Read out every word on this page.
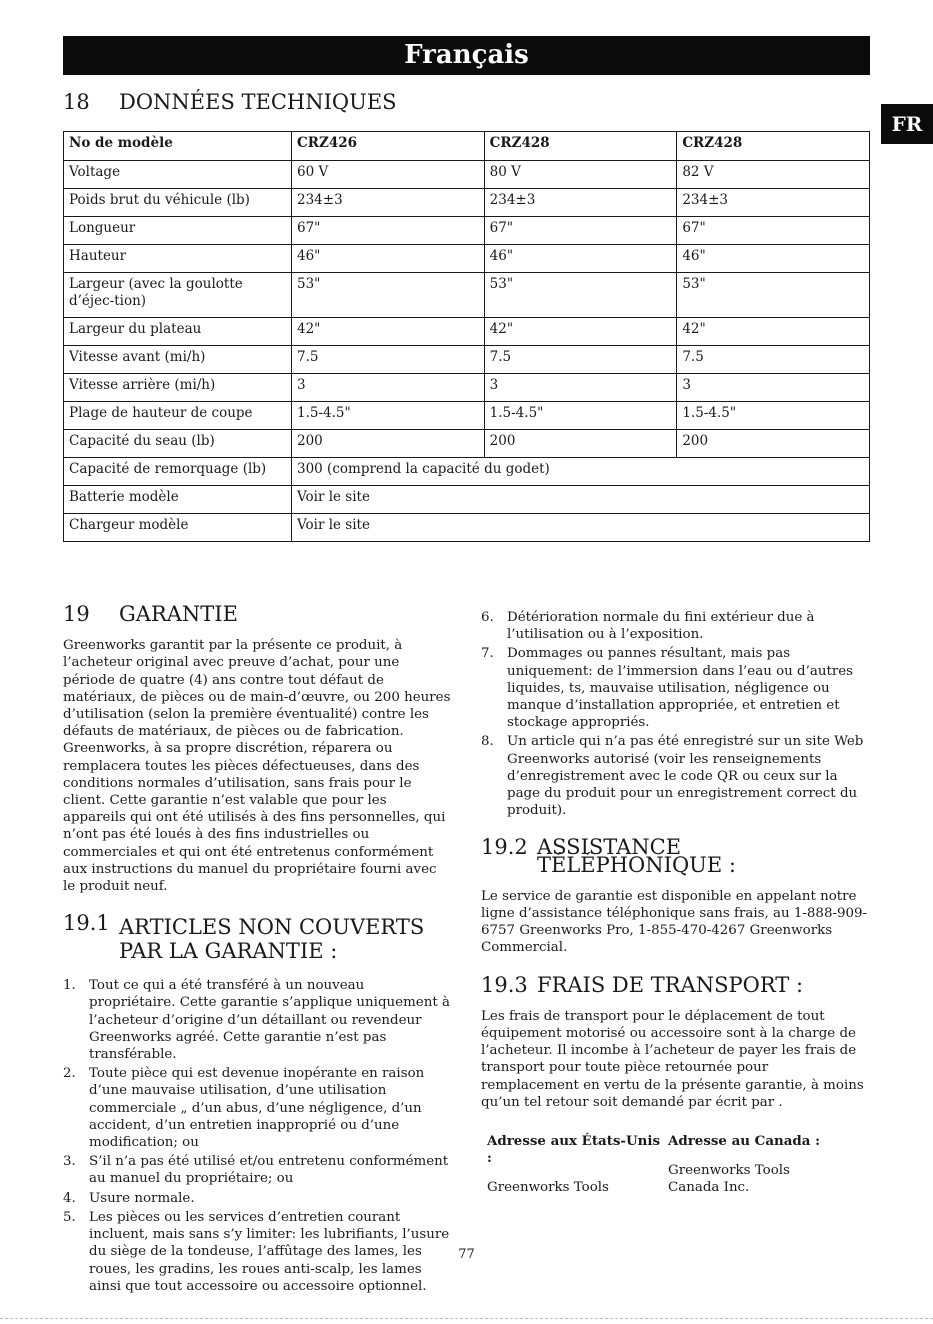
Français
FR
18 DONNÉES TECHNIQUES
No de modèle	CRZ426	CRZ428	CRZ428
Voltage	60 V	80 V	82 V
Poids brut du véhicule (lb)	234±3	234±3	234±3
Longueur	67"	67"	67"
Hauteur	46"	46"	46"
Largeur (avec la goulotte d’éjec-tion)	53"	53"	53"
Largeur du plateau	42"	42"	42"
Vitesse avant (mi/h)	7.5	7.5	7.5
Vitesse arrière (mi/h)	3	3	3
Plage de hauteur de coupe	1.5-4.5"	1.5-4.5"	1.5-4.5"
Capacité du seau (lb)	200	200	200
Capacité de remorquage (lb)	300 (comprend la capacité du godet)		
Batterie modèle	Voir le site		
Chargeur modèle	Voir le site		
19	GARANTIE

Greenworks garantit par la présente ce produit, à l’acheteur original avec preuve d’achat, pour une période de quatre (4) ans contre tout défaut de matériaux, de pièces ou de main-d’œuvre, ou 200 heures d’utilisation (selon la première éventualité) contre les défauts de matériaux, de pièces ou de fabrication. Greenworks, à sa propre discrétion, réparera ou remplacera toutes les pièces défectueuses, dans des conditions normales d’utilisation, sans frais pour le client. Cette garantie n’est valable que pour les appareils qui ont été utilisés à des fins personnelles, qui n’ont pas été loués à des fins industrielles ou commerciales et qui ont été entretenus conformément aux instructions du manuel du propriétaire fourni avec le produit neuf.

19.1 ARTICLES NON COUVERTS PAR LA GARANTIE :
1. Tout ce qui a été transféré à un nouveau propriétaire. Cette garantie s’applique uniquement à l’acheteur d’origine d’un détaillant ou revendeur Greenworks agréé. Cette garantie n’est pas transférable.
2. Toute pièce qui est devenue inopérante en raison d’une mauvaise utilisation, d’une utilisation commerciale „ d’un abus, d’une négligence, d’un accident, d’un entretien inapproprié ou d’une modification; ou
3. S’il n’a pas été utilisé et/ou entretenu conformément au manuel du propriétaire; ou
4. Usure normale.
5. Les pièces ou les services d’entretien courant incluent, mais sans s’y limiter: les lubrifiants, l’usure du siège de la tondeuse, l’affûtage des lames, les roues, les gradins, les roues anti-scalp, les lames ainsi que tout accessoire ou accessoire optionnel.
6. Détérioration normale du fini extérieur due à l’utilisation ou à l’exposition.
7. Dommages ou pannes résultant, mais pas uniquement: de l’immersion dans l’eau ou d’autres liquides, ts, mauvaise utilisation, négligence ou manque d’installation appropriée, et entretien et stockage appropriés.
8. Un article qui n’a pas été enregistré sur un site Web Greenworks autorisé (voir les renseignements d’enregistrement avec le code QR ou ceux sur la page du produit pour un enregistrement correct du produit).
19.2 ASSISTANCE TÉLÉPHONIQUE :

Le service de garantie est disponible en appelant notre ligne d’assistance téléphonique sans frais, au 1-888-909-6757 Greenworks Pro, 1-855-470-4267 Greenworks Commercial.

19.3 FRAIS DE TRANSPORT :

Les frais de transport pour le déplacement de tout équipement motorisé ou accessoire sont à la charge de l’acheteur. Il incombe à l’acheteur de payer les frais de transport pour toute pièce retournée pour remplacement en vertu de la présente garantie, à moins qu’un tel retour soit demandé par écrit par .

Adresse aux États-Unis :
Greenworks Tools
Adresse au Canada :
Greenworks Tools Canada Inc.
77
